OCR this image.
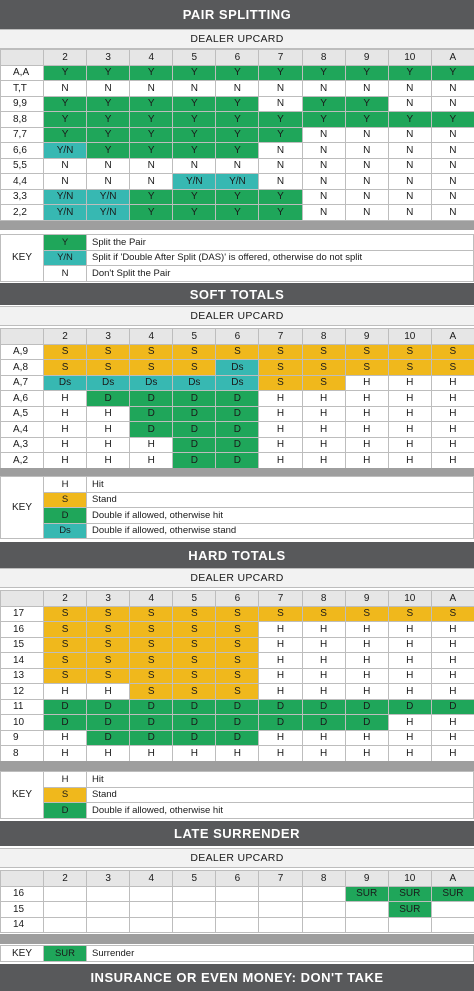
PAIR SPLITTING
DEALER UPCARD
	2	3	4	5	6	7	8	9	10	A
A,A	Y	Y	Y	Y	Y	Y	Y	Y	Y	Y
T,T	N	N	N	N	N	N	N	N	N	N
9,9	Y	Y	Y	Y	Y	N	Y	Y	N	N
8,8	Y	Y	Y	Y	Y	Y	Y	Y	Y	Y
7,7	Y	Y	Y	Y	Y	Y	N	N	N	N
6,6	Y/N	Y	Y	Y	Y	N	N	N	N	N
5,5	N	N	N	N	N	N	N	N	N	N
4,4	N	N	N	Y/N	Y/N	N	N	N	N	N
3,3	Y/N	Y/N	Y	Y	Y	Y	N	N	N	N
2,2	Y/N	Y/N	Y	Y	Y	Y	N	N	N	N
KEY	Y	Split the Pair
	Y/N	Split if 'Double After Split (DAS)' is offered, otherwise do not split
	N	Don't Split the Pair
SOFT TOTALS
DEALER UPCARD
	2	3	4	5	6	7	8	9	10	A
A,9	S	S	S	S	S	S	S	S	S	S
A,8	S	S	S	S	Ds	S	S	S	S	S
A,7	Ds	Ds	Ds	Ds	Ds	S	S	H	H	H
A,6	H	D	D	D	D	H	H	H	H	H
A,5	H	H	D	D	D	H	H	H	H	H
A,4	H	H	D	D	D	H	H	H	H	H
A,3	H	H	H	D	D	H	H	H	H	H
A,2	H	H	H	D	D	H	H	H	H	H
KEY	H	Hit
	S	Stand
	D	Double if allowed, otherwise hit
	Ds	Double if allowed, otherwise stand
HARD TOTALS
DEALER UPCARD
	2	3	4	5	6	7	8	9	10	A
17	S	S	S	S	S	S	S	S	S	S
16	S	S	S	S	S	H	H	H	H	H
15	S	S	S	S	S	H	H	H	H	H
14	S	S	S	S	S	H	H	H	H	H
13	S	S	S	S	S	H	H	H	H	H
12	H	H	S	S	S	H	H	H	H	H
11	D	D	D	D	D	D	D	D	D	D
10	D	D	D	D	D	D	D	D	H	H
9	H	D	D	D	D	H	H	H	H	H
8	H	H	H	H	H	H	H	H	H	H
KEY	H	Hit
	S	Stand
	D	Double if allowed, otherwise hit
LATE SURRENDER
DEALER UPCARD
	2	3	4	5	6	7	8	9	10	A
16								SUR	SUR	SUR
15									SUR	
14										
KEY	SUR	Surrender
INSURANCE OR EVEN MONEY: DON'T TAKE
